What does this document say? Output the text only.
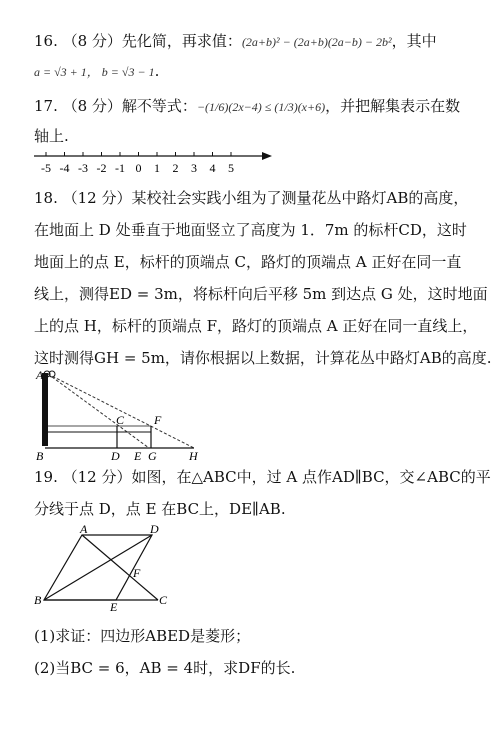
16. （8 分）先化简，再求值：(2a+b)² − (2a+b)(2a−b) − 2b²，其中
a = √3 + 1， b = √3 − 1.
17. （8 分）解不等式：−(1/6)(2x−4) ≤ (1/3)(x+6)，并把解集表示在数
轴上.
-5 -4 -3 -2 -1 0 1 2 3 4 5
18. （12 分）某校社会实践小组为了测量花丛中路灯AB的高度，
在地面上 D 处垂直于地面竖立了高度为 1．7m 的标杆CD，这时
地面上的点 E，标杆的顶端点 C，路灯的顶端点 A 正好在同一直
线上，测得ED = 3m，将标杆向后平移 5m 到达点 G 处，这时地面
上的点 H，标杆的顶端点 F，路灯的顶端点 A 正好在同一直线上，
这时测得GH = 5m，请你根据以上数据，计算花丛中路灯AB的高度.
A
B
C
D E
F
G	H
19. （12 分）如图，在△ABC中，过 A 点作AD∥BC，交∠ABC的平
分线于点 D，点 E 在BC上，DE∥AB.
A	D
B	C
E
F
(1)求证：四边形ABED是菱形；
(2)当BC = 6，AB = 4时，求DF的长.
